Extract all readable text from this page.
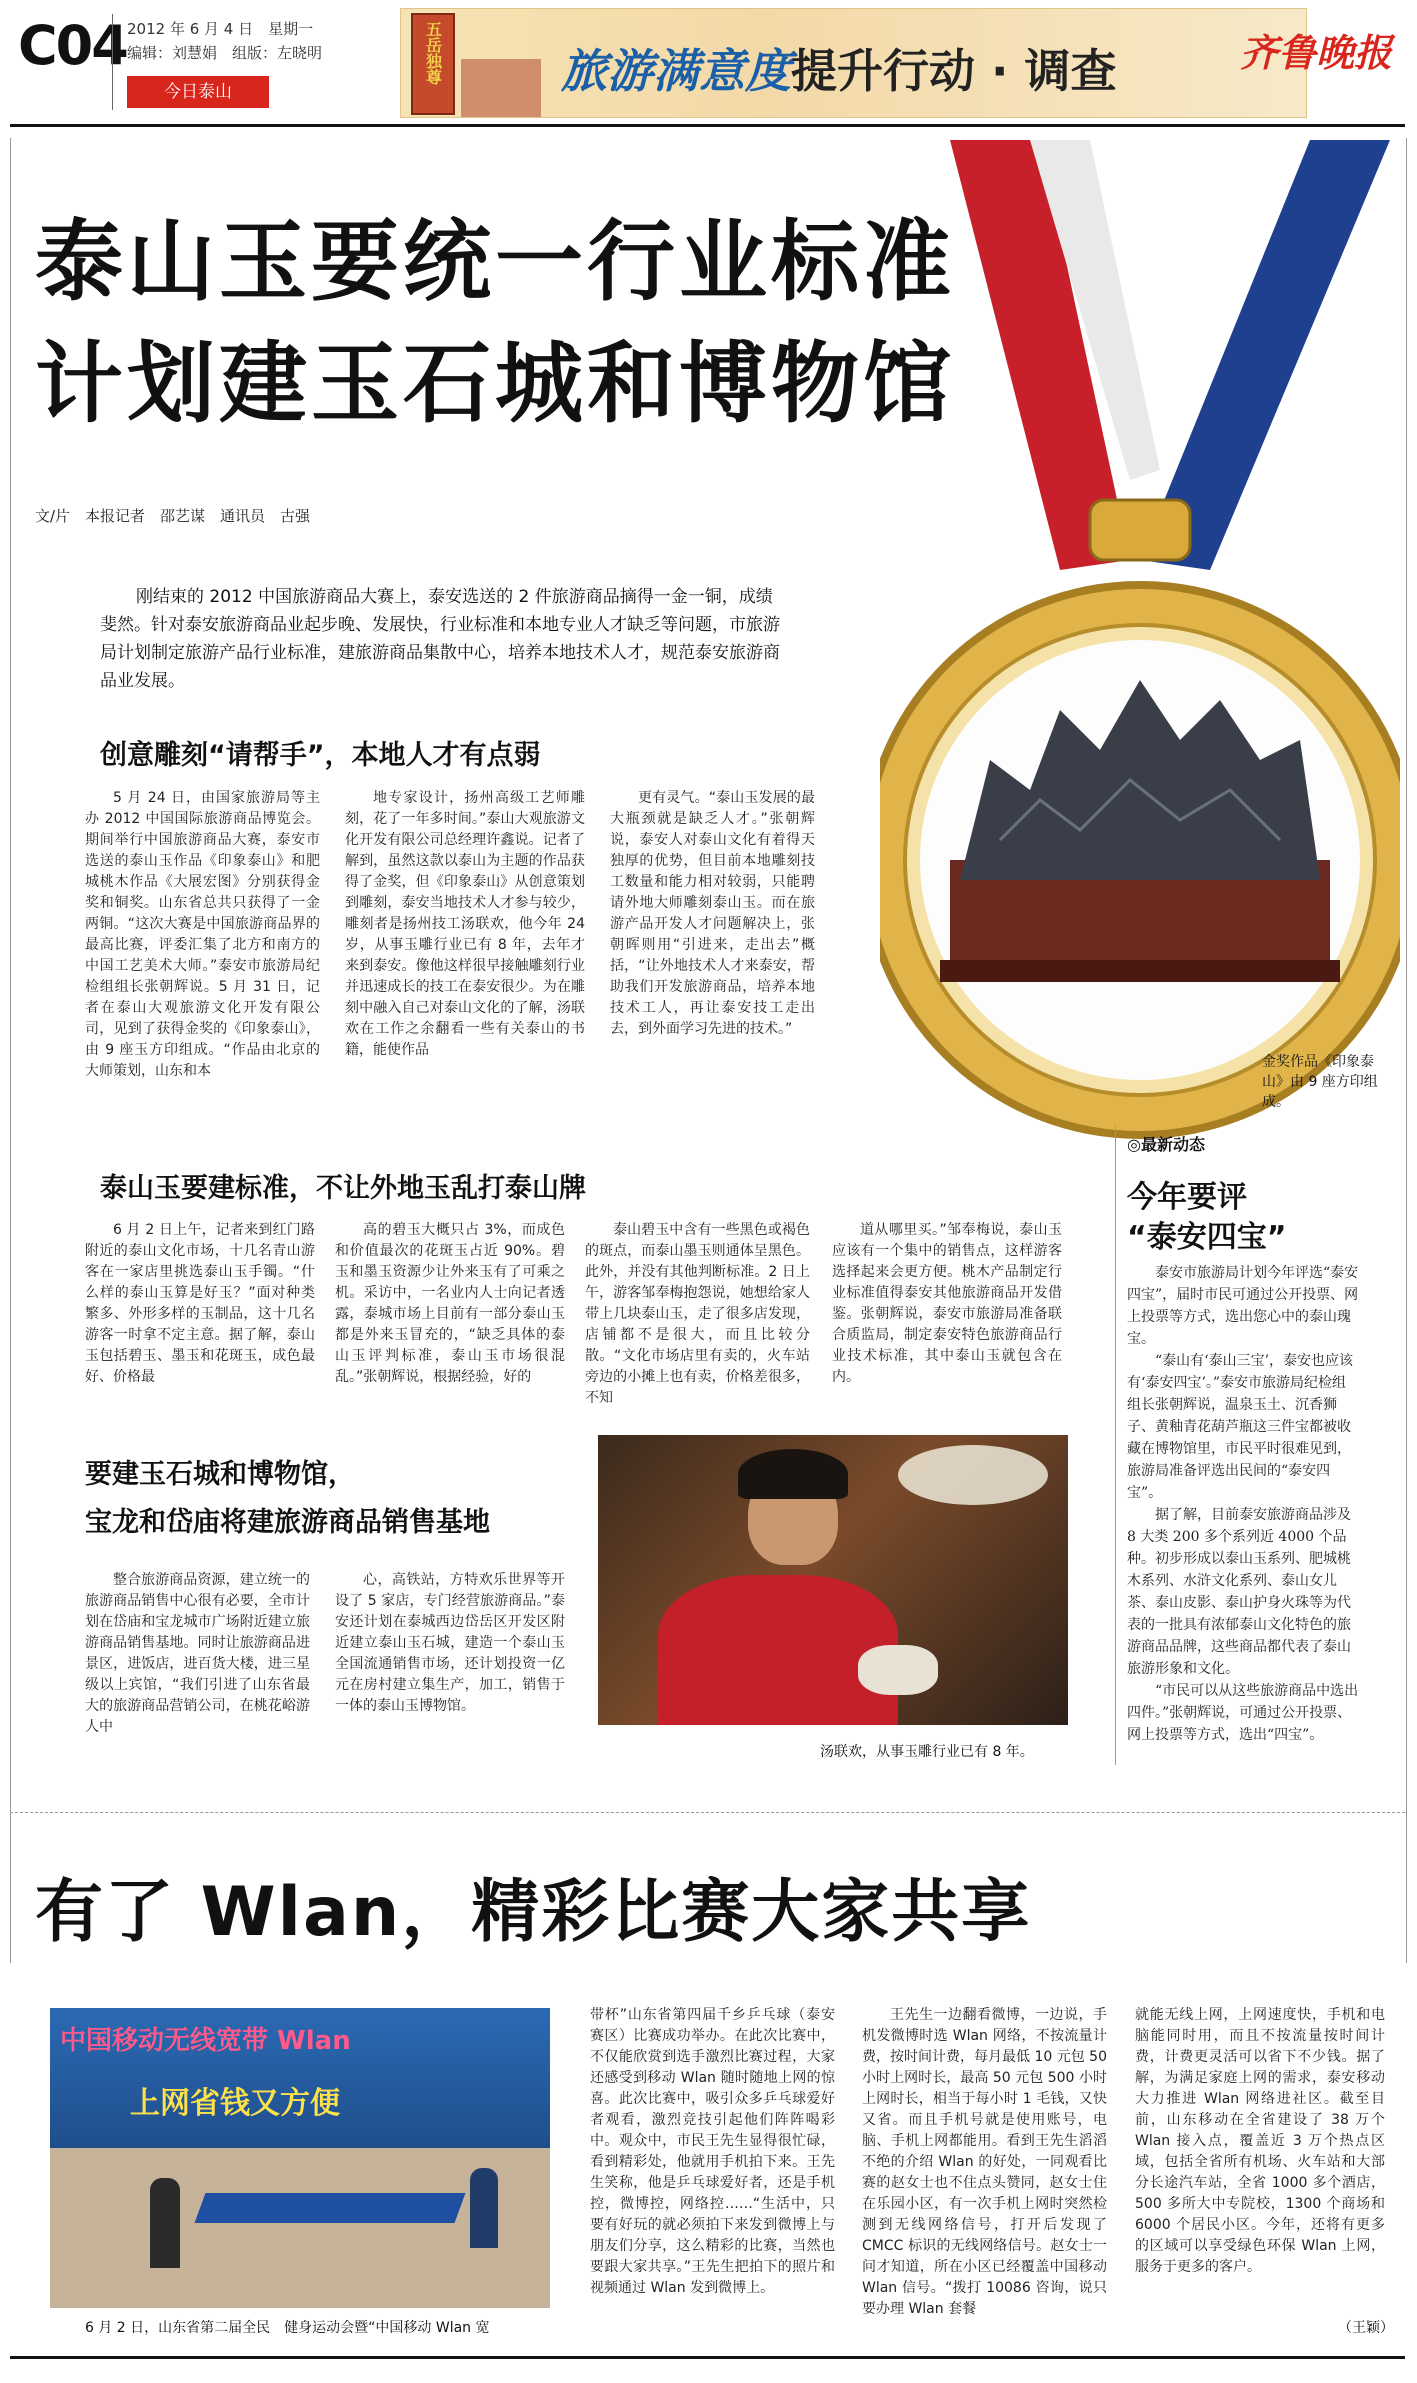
C04 2012 年 6 月 4 日　星期一
编辑：刘慧娟　组版：左晓明
今日泰山
五岳独尊	旅游满意度提升行动 · 调查	齐鲁晚报
泰山玉要统一行业标准
计划建玉石城和博物馆
文/片　本报记者　邵艺谋　通讯员　古强
刚结束的 2012 中国旅游商品大赛上，泰安选送的 2 件旅游商品摘得一金一铜，成绩斐然。针对泰安旅游商品业起步晚、发展快，行业标准和本地专业人才缺乏等问题，市旅游局计划制定旅游产品行业标准，建旅游商品集散中心，培养本地技术人才，规范泰安旅游商品业发展。
创意雕刻“请帮手”，本地人才有点弱
5 月 24 日，由国家旅游局等主办 2012 中国国际旅游商品博览会。期间举行中国旅游商品大赛，泰安市选送的泰山玉作品《印象泰山》和肥城桃木作品《大展宏图》分别获得金奖和铜奖。山东省总共只获得了一金两铜。“这次大赛是中国旅游商品界的最高比赛，评委汇集了北方和南方的中国工艺美术大师。”泰安市旅游局纪检组组长张朝辉说。5 月 31 日，记者在泰山大观旅游文化开发有限公司，见到了获得金奖的《印象泰山》，由 9 座玉方印组成。“作品由北京的大师策划，山东和本
地专家设计，扬州高级工艺师雕刻，花了一年多时间。”泰山大观旅游文化开发有限公司总经理许鑫说。记者了解到，虽然这款以泰山为主题的作品获得了金奖，但《印象泰山》从创意策划到雕刻，泰安当地技术人才参与较少，雕刻者是扬州技工汤联欢，他今年 24 岁，从事玉雕行业已有 8 年，去年才来到泰安。像他这样很早接触雕刻行业并迅速成长的技工在泰安很少。为在雕刻中融入自己对泰山文化的了解，汤联欢在工作之余翻看一些有关泰山的书籍，能使作品
更有灵气。“泰山玉发展的最大瓶颈就是缺乏人才。”张朝辉说，泰安人对泰山文化有着得天独厚的优势，但目前本地雕刻技工数量和能力相对较弱，只能聘请外地大师雕刻泰山玉。而在旅游产品开发人才问题解决上，张朝晖则用“引进来，走出去”概括，“让外地技术人才来泰安，帮助我们开发旅游商品，培养本地技术工人，再让泰安技工走出去，到外面学习先进的技术。”
金奖作品《印象泰山》由 9 座方印组成。
泰山玉要建标准，不让外地玉乱打泰山牌
6 月 2 日上午，记者来到红门路附近的泰山文化市场，十几名青山游客在一家店里挑选泰山玉手镯。“什么样的泰山玉算是好玉？”面对种类繁多、外形多样的玉制品，这十几名游客一时拿不定主意。据了解，泰山玉包括碧玉、墨玉和花斑玉，成色最好、价格最
高的碧玉大概只占 3%，而成色和价值最次的花斑玉占近 90%。碧玉和墨玉资源少让外来玉有了可乘之机。采访中，一名业内人士向记者透露，泰城市场上目前有一部分泰山玉都是外来玉冒充的，“缺乏具体的泰山玉评判标准，泰山玉市场很混乱。”张朝辉说，根据经验，好的
泰山碧玉中含有一些黑色或褐色的斑点，而泰山墨玉则通体呈黑色。此外，并没有其他判断标准。2 日上午，游客邹奉梅抱怨说，她想给家人带上几块泰山玉，走了很多店发现，店铺都不是很大，而且比较分散。“文化市场店里有卖的，火车站旁边的小摊上也有卖，价格差很多，不知
道从哪里买。”邹奉梅说，泰山玉应该有一个集中的销售点，这样游客选择起来会更方便。桃木产品制定行业标准值得泰安其他旅游商品开发借鉴。张朝辉说，泰安市旅游局准备联合质监局，制定泰安特色旅游商品行业技术标准，其中泰山玉就包含在内。
要建玉石城和博物馆，
宝龙和岱庙将建旅游商品销售基地
整合旅游商品资源，建立统一的旅游商品销售中心很有必要，全市计划在岱庙和宝龙城市广场附近建立旅游商品销售基地。同时让旅游商品进景区，进饭店，进百货大楼，进三星级以上宾馆，“我们引进了山东省最大的旅游商品营销公司，在桃花峪游人中
心，高铁站，方特欢乐世界等开设了 5 家店，专门经营旅游商品。”泰安还计划在泰城西边岱岳区开发区附近建立泰山玉石城，建造一个泰山玉全国流通销售市场，还计划投资一亿元在房村建立集生产，加工，销售于一体的泰山玉博物馆。
汤联欢，从事玉雕行业已有 8 年。
◎最新动态
今年要评
“泰安四宝”

泰安市旅游局计划今年评选“泰安四宝”，届时市民可通过公开投票、网上投票等方式，选出您心中的泰山瑰宝。

“泰山有‘泰山三宝’，泰安也应该有‘泰安四宝’。”泰安市旅游局纪检组组长张朝辉说，温泉玉土、沉香狮子、黄釉青花葫芦瓶这三件宝都被收藏在博物馆里，市民平时很难见到，旅游局准备评选出民间的“泰安四宝”。

据了解，目前泰安旅游商品涉及 8 大类 200 多个系列近 4000 个品种。初步形成以泰山玉系列、肥城桃木系列、水浒文化系列、泰山女儿茶、泰山皮影、泰山护身火珠等为代表的一批具有浓郁泰山文化特色的旅游商品品牌，这些商品都代表了泰山旅游形象和文化。

“市民可以从这些旅游商品中选出四件。”张朝辉说，可通过公开投票、网上投票等方式，选出“四宝”。

有了 Wlan，精彩比赛大家共享
中国移动无线宽带 Wlan
上网省钱又方便
6 月 2 日，山东省第二届全民　健身运动会暨“中国移动 Wlan 宽
带杯”山东省第四届千乡乒乓球（泰安赛区）比赛成功举办。在此次比赛中，不仅能欣赏到选手激烈比赛过程，大家还感受到移动 Wlan 随时随地上网的惊喜。此次比赛中，吸引众多乒乓球爱好者观看，激烈竞技引起他们阵阵喝彩中。观众中，市民王先生显得很忙碌，看到精彩处，他就用手机拍下来。王先生笑称，他是乒乓球爱好者，还是手机控，微博控，网络控……“生活中，只要有好玩的就必须拍下来发到微博上与朋友们分享，这么精彩的比赛，当然也要跟大家共享。”王先生把拍下的照片和视频通过 Wlan 发到微博上。
王先生一边翻看微博，一边说，手机发微博时选 Wlan 网络，不按流量计费，按时间计费，每月最低 10 元包 50 小时上网时长，最高 50 元包 500 小时上网时长，相当于每小时 1 毛钱，又快又省。而且手机号就是使用账号，电脑、手机上网都能用。看到王先生滔滔不绝的介绍 Wlan 的好处，一同观看比赛的赵女士也不住点头赞同，赵女士住在乐园小区，有一次手机上网时突然检测到无线网络信号，打开后发现了 CMCC 标识的无线网络信号。赵女士一问才知道，所在小区已经覆盖中国移动 Wlan 信号。“拨打 10086 咨询，说只要办理 Wlan 套餐
就能无线上网，上网速度快，手机和电脑能同时用，而且不按流量按时间计费，计费更灵活可以省下不少钱。据了解，为满足家庭上网的需求，泰安移动大力推进 Wlan 网络进社区。截至目前，山东移动在全省建设了 38 万个 Wlan 接入点，覆盖近 3 万个热点区域，包括全省所有机场、火车站和大部分长途汽车站，全省 1000 多个酒店，500 多所大中专院校，1300 个商场和 6000 个居民小区。今年，还将有更多的区域可以享受绿色环保 Wlan 上网，服务于更多的客户。
（王颖）
